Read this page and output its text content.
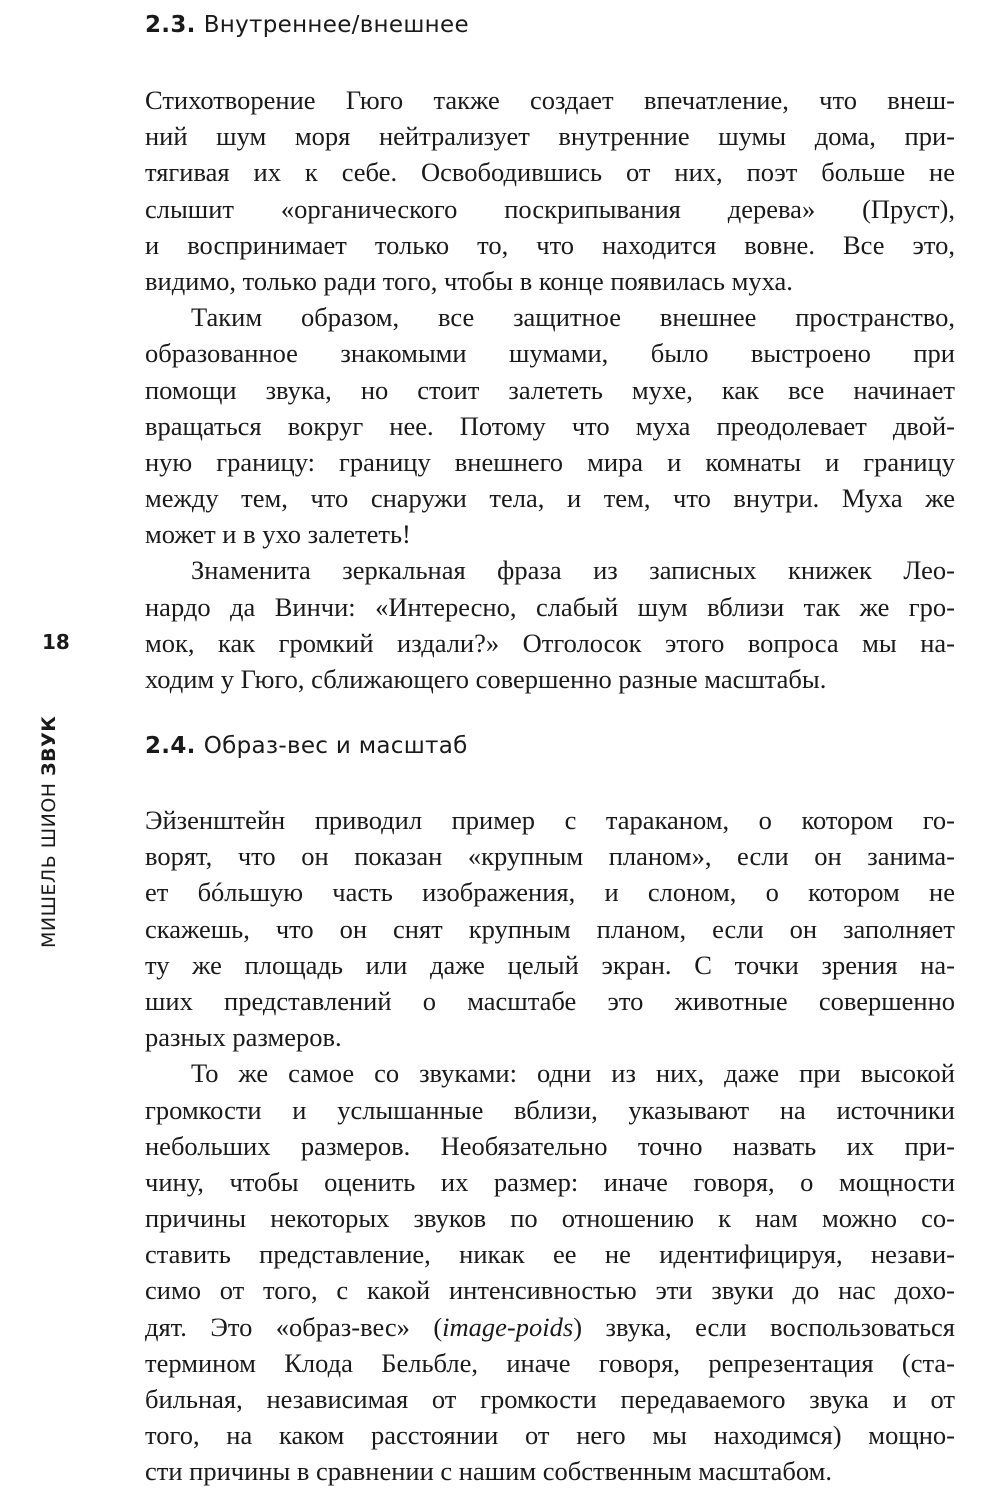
18
МИШЕЛЬ ШИОН ЗВУК
2.3. Внутреннее/внешнее
Стихотворение Гюго также создает впечатление, что внеш-
ний шум моря нейтрализует внутренние шумы дома, при-
тягивая их к себе. Освободившись от них, поэт больше не
слышит «органического поскрипывания дерева» (Пруст),
и воспринимает только то, что находится вовне. Все это,
видимо, только ради того, чтобы в конце появилась муха.
Таким образом, все защитное внешнее пространство,
образованное знакомыми шумами, было выстроено при
помощи звука, но стоит залететь мухе, как все начинает
вращаться вокруг нее. Потому что муха преодолевает двой-
ную границу: границу внешнего мира и комнаты и границу
между тем, что снаружи тела, и тем, что внутри. Муха же
может и в ухо залететь!
Знаменита зеркальная фраза из записных книжек Лео-
нардо да Винчи: «Интересно, слабый шум вблизи так же гро-
мок, как громкий издали?» Отголосок этого вопроса мы на-
ходим у Гюго, сближающего совершенно разные масштабы.
2.4. Образ-вес и масштаб
Эйзенштейн приводил пример с тараканом, о котором го-
ворят, что он показан «крупным планом», если он занима-
ет бóльшую часть изображения, и слоном, о котором не
скажешь, что он снят крупным планом, если он заполняет
ту же площадь или даже целый экран. С точки зрения на-
ших представлений о масштабе это животные совершенно
разных размеров.
То же самое со звуками: одни из них, даже при высокой
громкости и услышанные вблизи, указывают на источники
небольших размеров. Необязательно точно назвать их при-
чину, чтобы оценить их размер: иначе говоря, о мощности
причины некоторых звуков по отношению к нам можно со-
ставить представление, никак ее не идентифицируя, незави-
симо от того, с какой интенсивностью эти звуки до нас дохо-
дят. Это «образ-вес» (image-poids) звука, если воспользоваться
термином Клода Бельбле, иначе говоря, репрезентация (ста-
бильная, независимая от громкости передаваемого звука и от
того, на каком расстоянии от него мы находимся) мощно-
сти причины в сравнении с нашим собственным масштабом.
